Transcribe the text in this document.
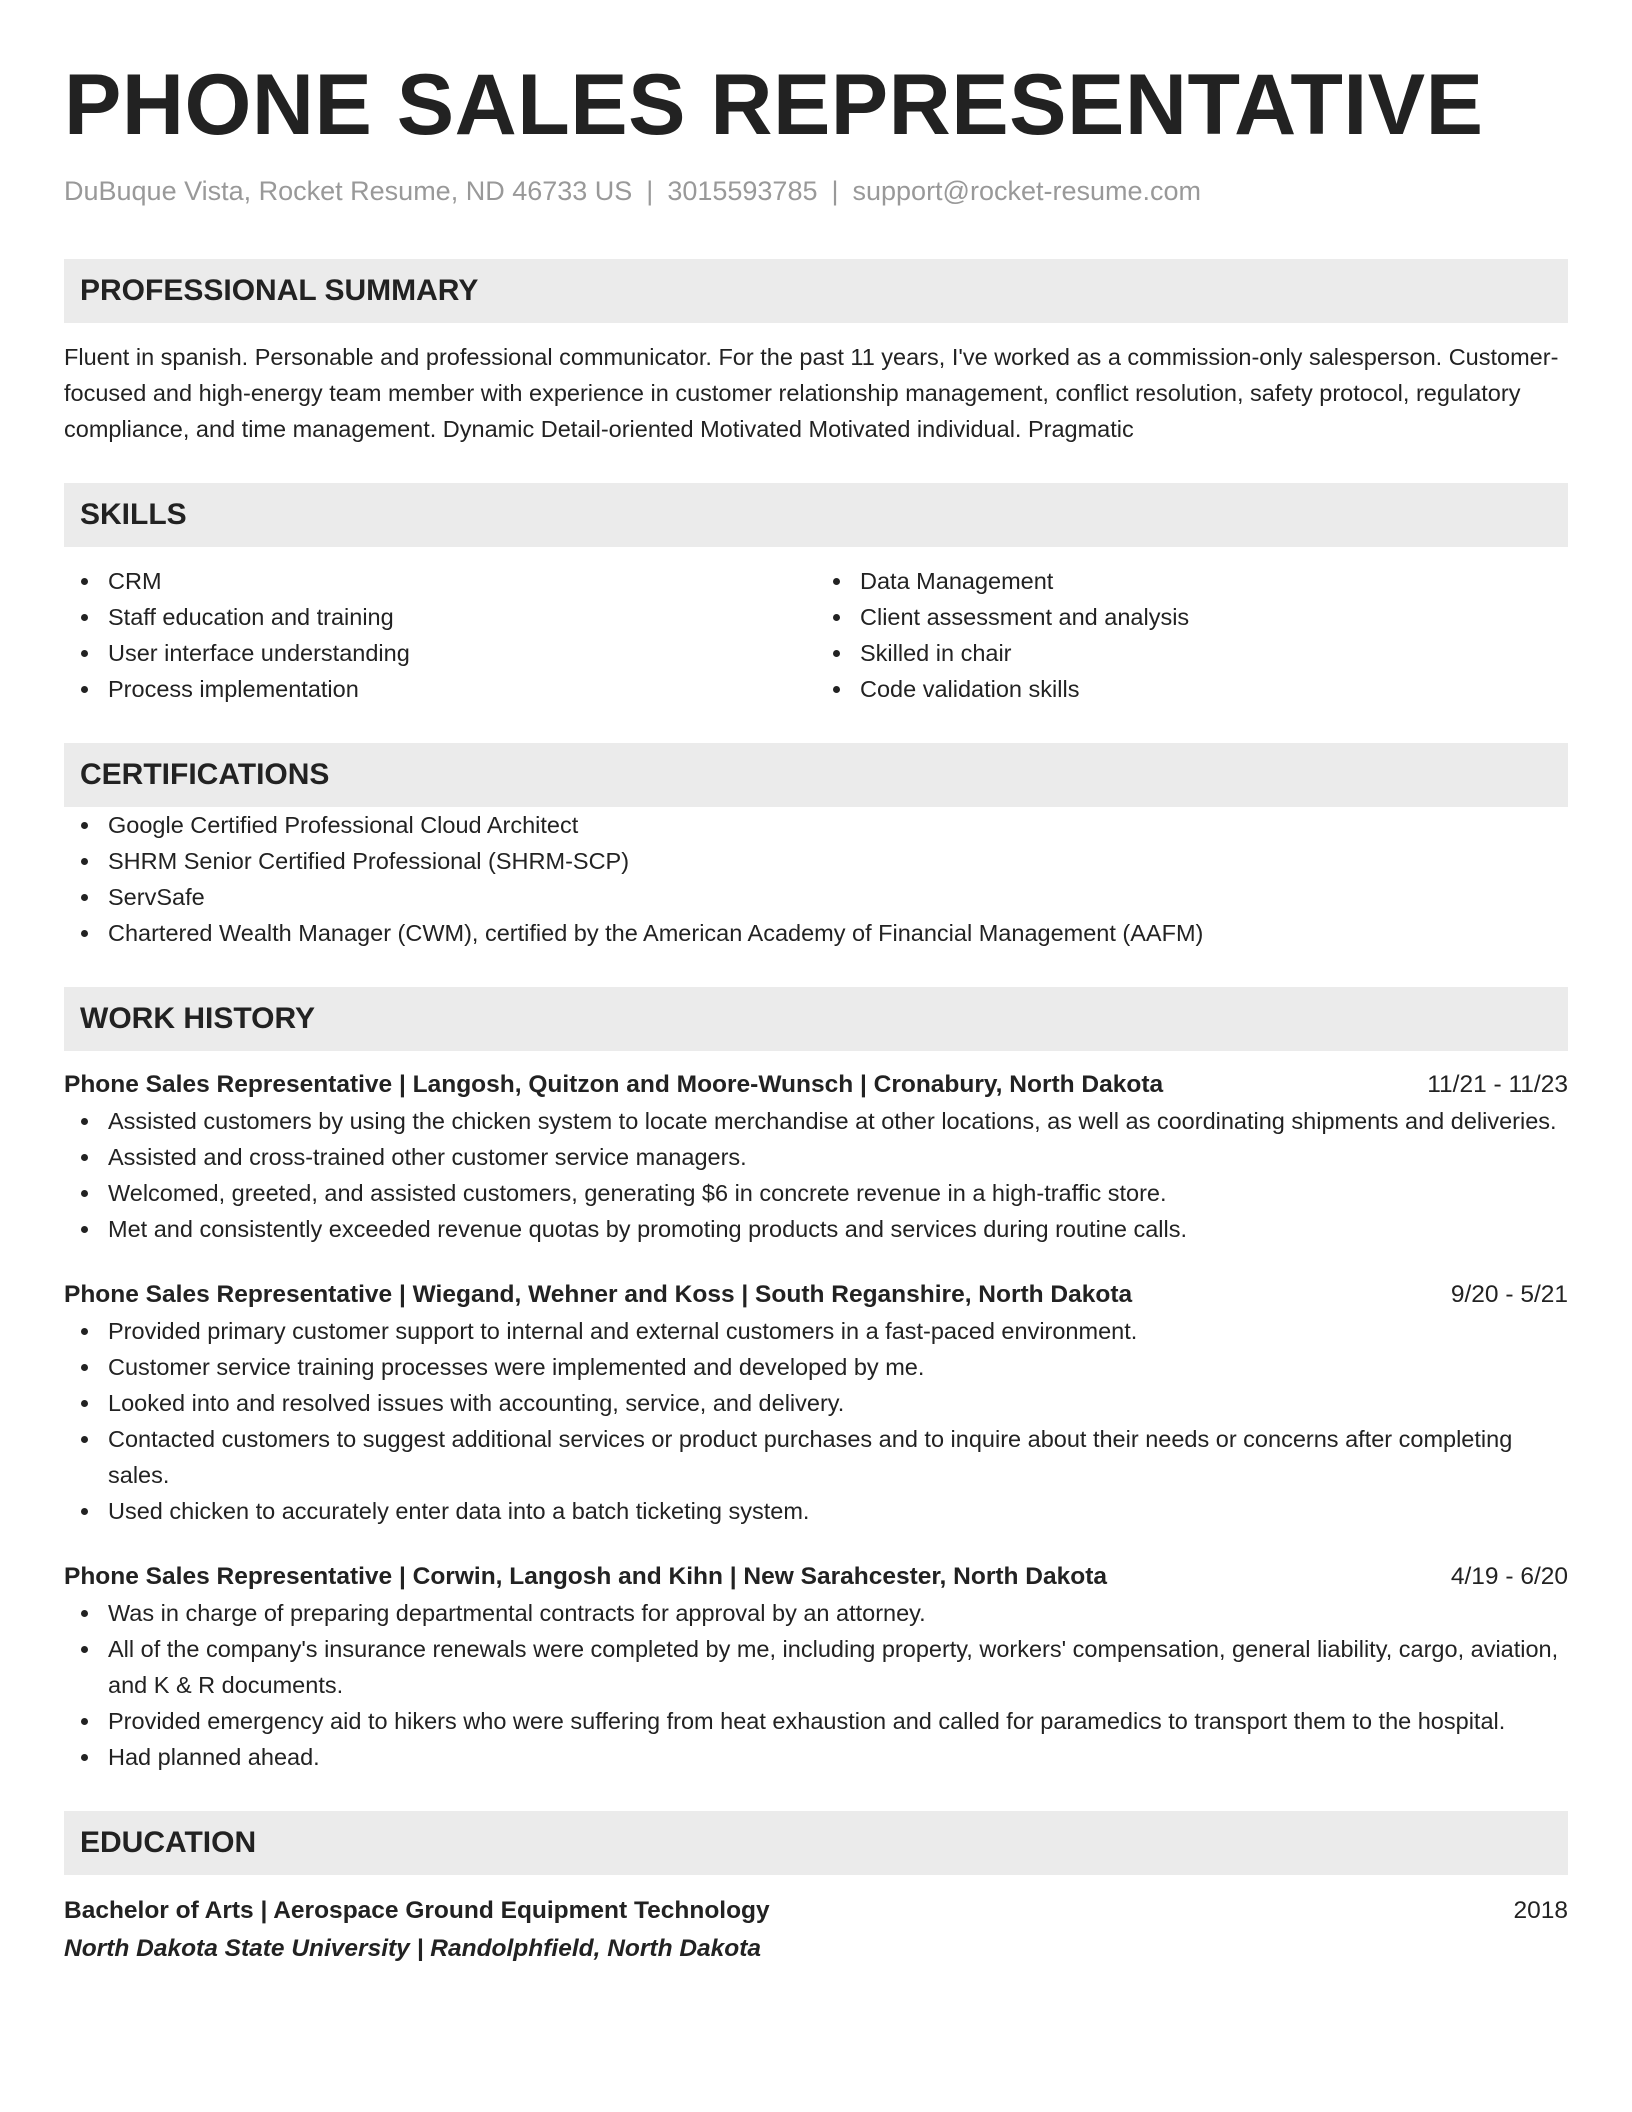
PHONE SALES REPRESENTATIVE
DuBuque Vista, Rocket Resume, ND 46733 US | 3015593785 | support@rocket-resume.com
PROFESSIONAL SUMMARY
Fluent in spanish. Personable and professional communicator. For the past 11 years, I've worked as a commission-only salesperson. Customer-focused and high-energy team member with experience in customer relationship management, conflict resolution, safety protocol, regulatory compliance, and time management. Dynamic Detail-oriented Motivated Motivated individual. Pragmatic
SKILLS
CRM
Staff education and training
User interface understanding
Process implementation
Data Management
Client assessment and analysis
Skilled in chair
Code validation skills
CERTIFICATIONS
Google Certified Professional Cloud Architect
SHRM Senior Certified Professional (SHRM-SCP)
ServSafe
Chartered Wealth Manager (CWM), certified by the American Academy of Financial Management (AAFM)
WORK HISTORY
Phone Sales Representative | Langosh, Quitzon and Moore-Wunsch | Cronabury, North Dakota	11/21 - 11/23
Assisted customers by using the chicken system to locate merchandise at other locations, as well as coordinating shipments and deliveries.
Assisted and cross-trained other customer service managers.
Welcomed, greeted, and assisted customers, generating $6 in concrete revenue in a high-traffic store.
Met and consistently exceeded revenue quotas by promoting products and services during routine calls.
Phone Sales Representative | Wiegand, Wehner and Koss | South Reganshire, North Dakota	9/20 - 5/21
Provided primary customer support to internal and external customers in a fast-paced environment.
Customer service training processes were implemented and developed by me.
Looked into and resolved issues with accounting, service, and delivery.
Contacted customers to suggest additional services or product purchases and to inquire about their needs or concerns after completing sales.
Used chicken to accurately enter data into a batch ticketing system.
Phone Sales Representative | Corwin, Langosh and Kihn | New Sarahcester, North Dakota	4/19 - 6/20
Was in charge of preparing departmental contracts for approval by an attorney.
All of the company's insurance renewals were completed by me, including property, workers' compensation, general liability, cargo, aviation, and K & R documents.
Provided emergency aid to hikers who were suffering from heat exhaustion and called for paramedics to transport them to the hospital.
Had planned ahead.
EDUCATION
Bachelor of Arts | Aerospace Ground Equipment Technology	2018
North Dakota State University | Randolphfield, North Dakota
